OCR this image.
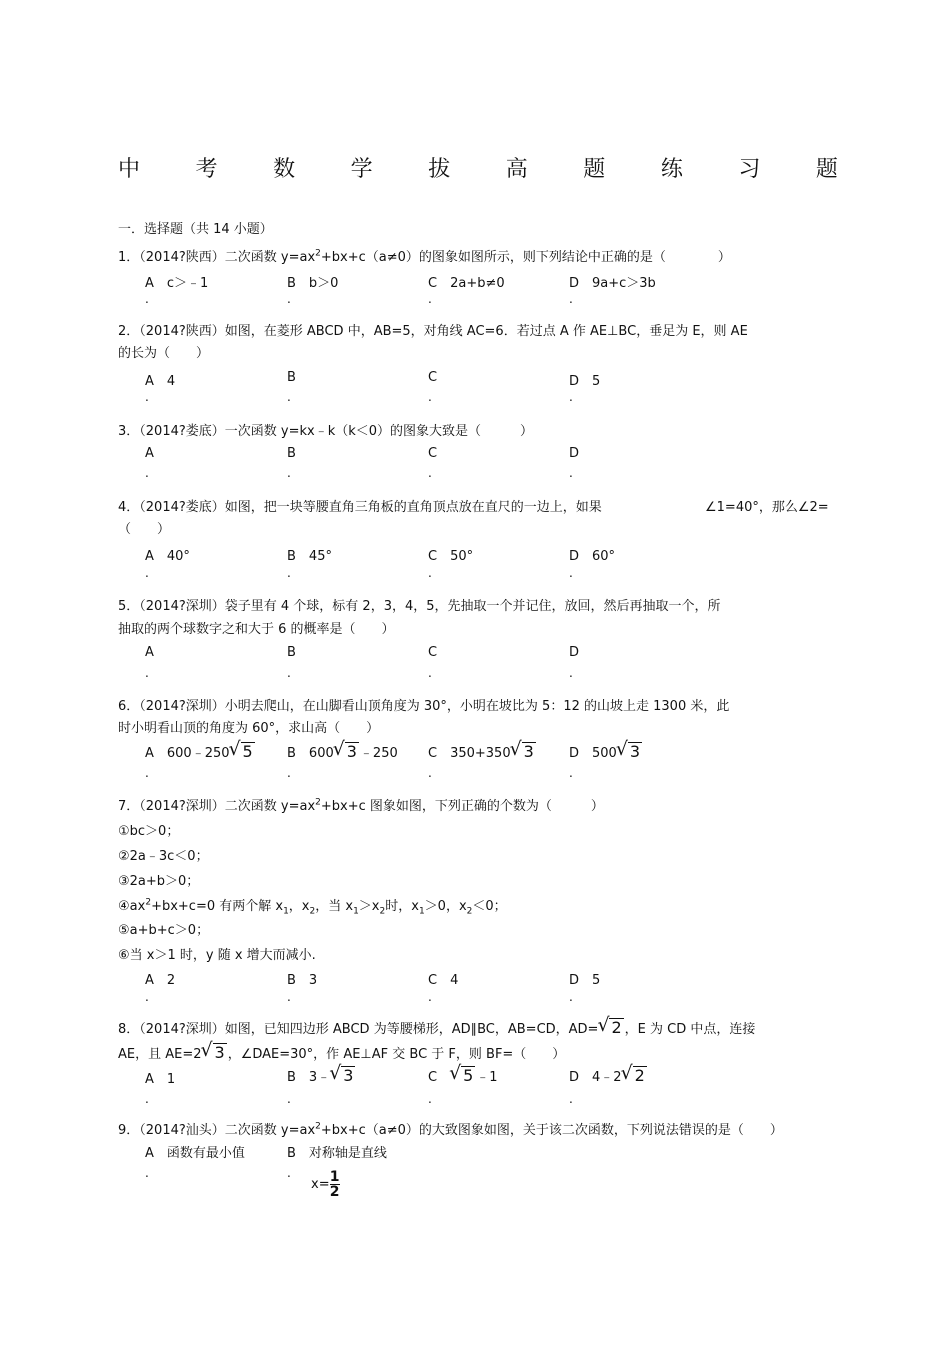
中	考	数	学	拔	高	题	练	习	题
一．选择题（共 14 小题）
1．（2014?陕西）二次函数 $y=ax^2+bx+c(a\ne 0)$的图象如图所示，则下列结论中正确的是（　　　　）
A　c＞﹣1	B　b＞0	C　2a+b≠0	D　9a+c＞3b
.	.	.	.
2．（2014?陕西）如图，在菱形 ABCD 中，AB=5，对角线 AC=6．若过点 A 作 AE⊥BC，垂足为 E，则 AE
的长为（　　）
A　4	B	C	D　5
.	.	.	.
3．（2014?娄底）一次函数 y=kx﹣k（k＜0）的图象大致是（　　　）
A	B	C	D
.	.	.	.
4．（2014?娄底）如图，把一块等腰直角三角板的直角顶点放在直尺的一边上，如果	∠1=40°，那么∠2=
（　　）
A　40°	B　45°	C　50°	D　60°
.	.	.	.
5．（2014?深圳）袋子里有 4 个球，标有 2，3，4，5，先抽取一个并记住，放回，然后再抽取一个，所
抽取的两个球数字之和大于 6 的概率是（　　）
A	B	C	D
.	.	.	.
6．（2014?深圳）小明去爬山，在山脚看山顶角度为 30°，小明在坡比为 5：12 的山坡上走 1300 米，此
时小明看山顶的角度为 60°，求山高（　　）
A　600﹣250 √ 5	B　600 √ 3 ﹣250 C　350+350 √ 3	D　500 √ 3
.	.	.	.
7．（2014?深圳）二次函数 $y=ax^2+bx+c$ 图象如图，下列正确的个数为（　　　）
①bc＞0；
②2a﹣3c＜0；
③2a+b＞0；
$④ax^2+bx+c=0$ 有两个解 $x_1$，$x_2$，当 $x_1>x_2$时，$x_1>0$，$x_2<0$；
⑤a+b+c＞0；
⑥当 x＞1 时，y 随 x 增大而减小.
A　2	B　3	C　4	D　5
.	.	.	.
8．（2014?深圳）如图，已知四边形 ABCD 为等腰梯形，AD∥BC，AB=CD，AD= √ 2 ，E 为 CD 中点，连接
AE，且 AE=2 √ 3 ，∠DAE=30°，作 AE⊥AF 交 BC 于 F，则 BF=（　　）
A　1	B　3﹣ √ 3	C　√ 5 ﹣1	D　4﹣2 √ 2
.	.	.	.
9．（2014?汕头）二次函数 $y=ax^2+bx+c(a\ne 0)$的大致图象如图，关于该二次函数，下列说法错误的是（　　）
A　函数有最小值	B　对称轴是直线
$x= \frac{1}{2}$
.	.
